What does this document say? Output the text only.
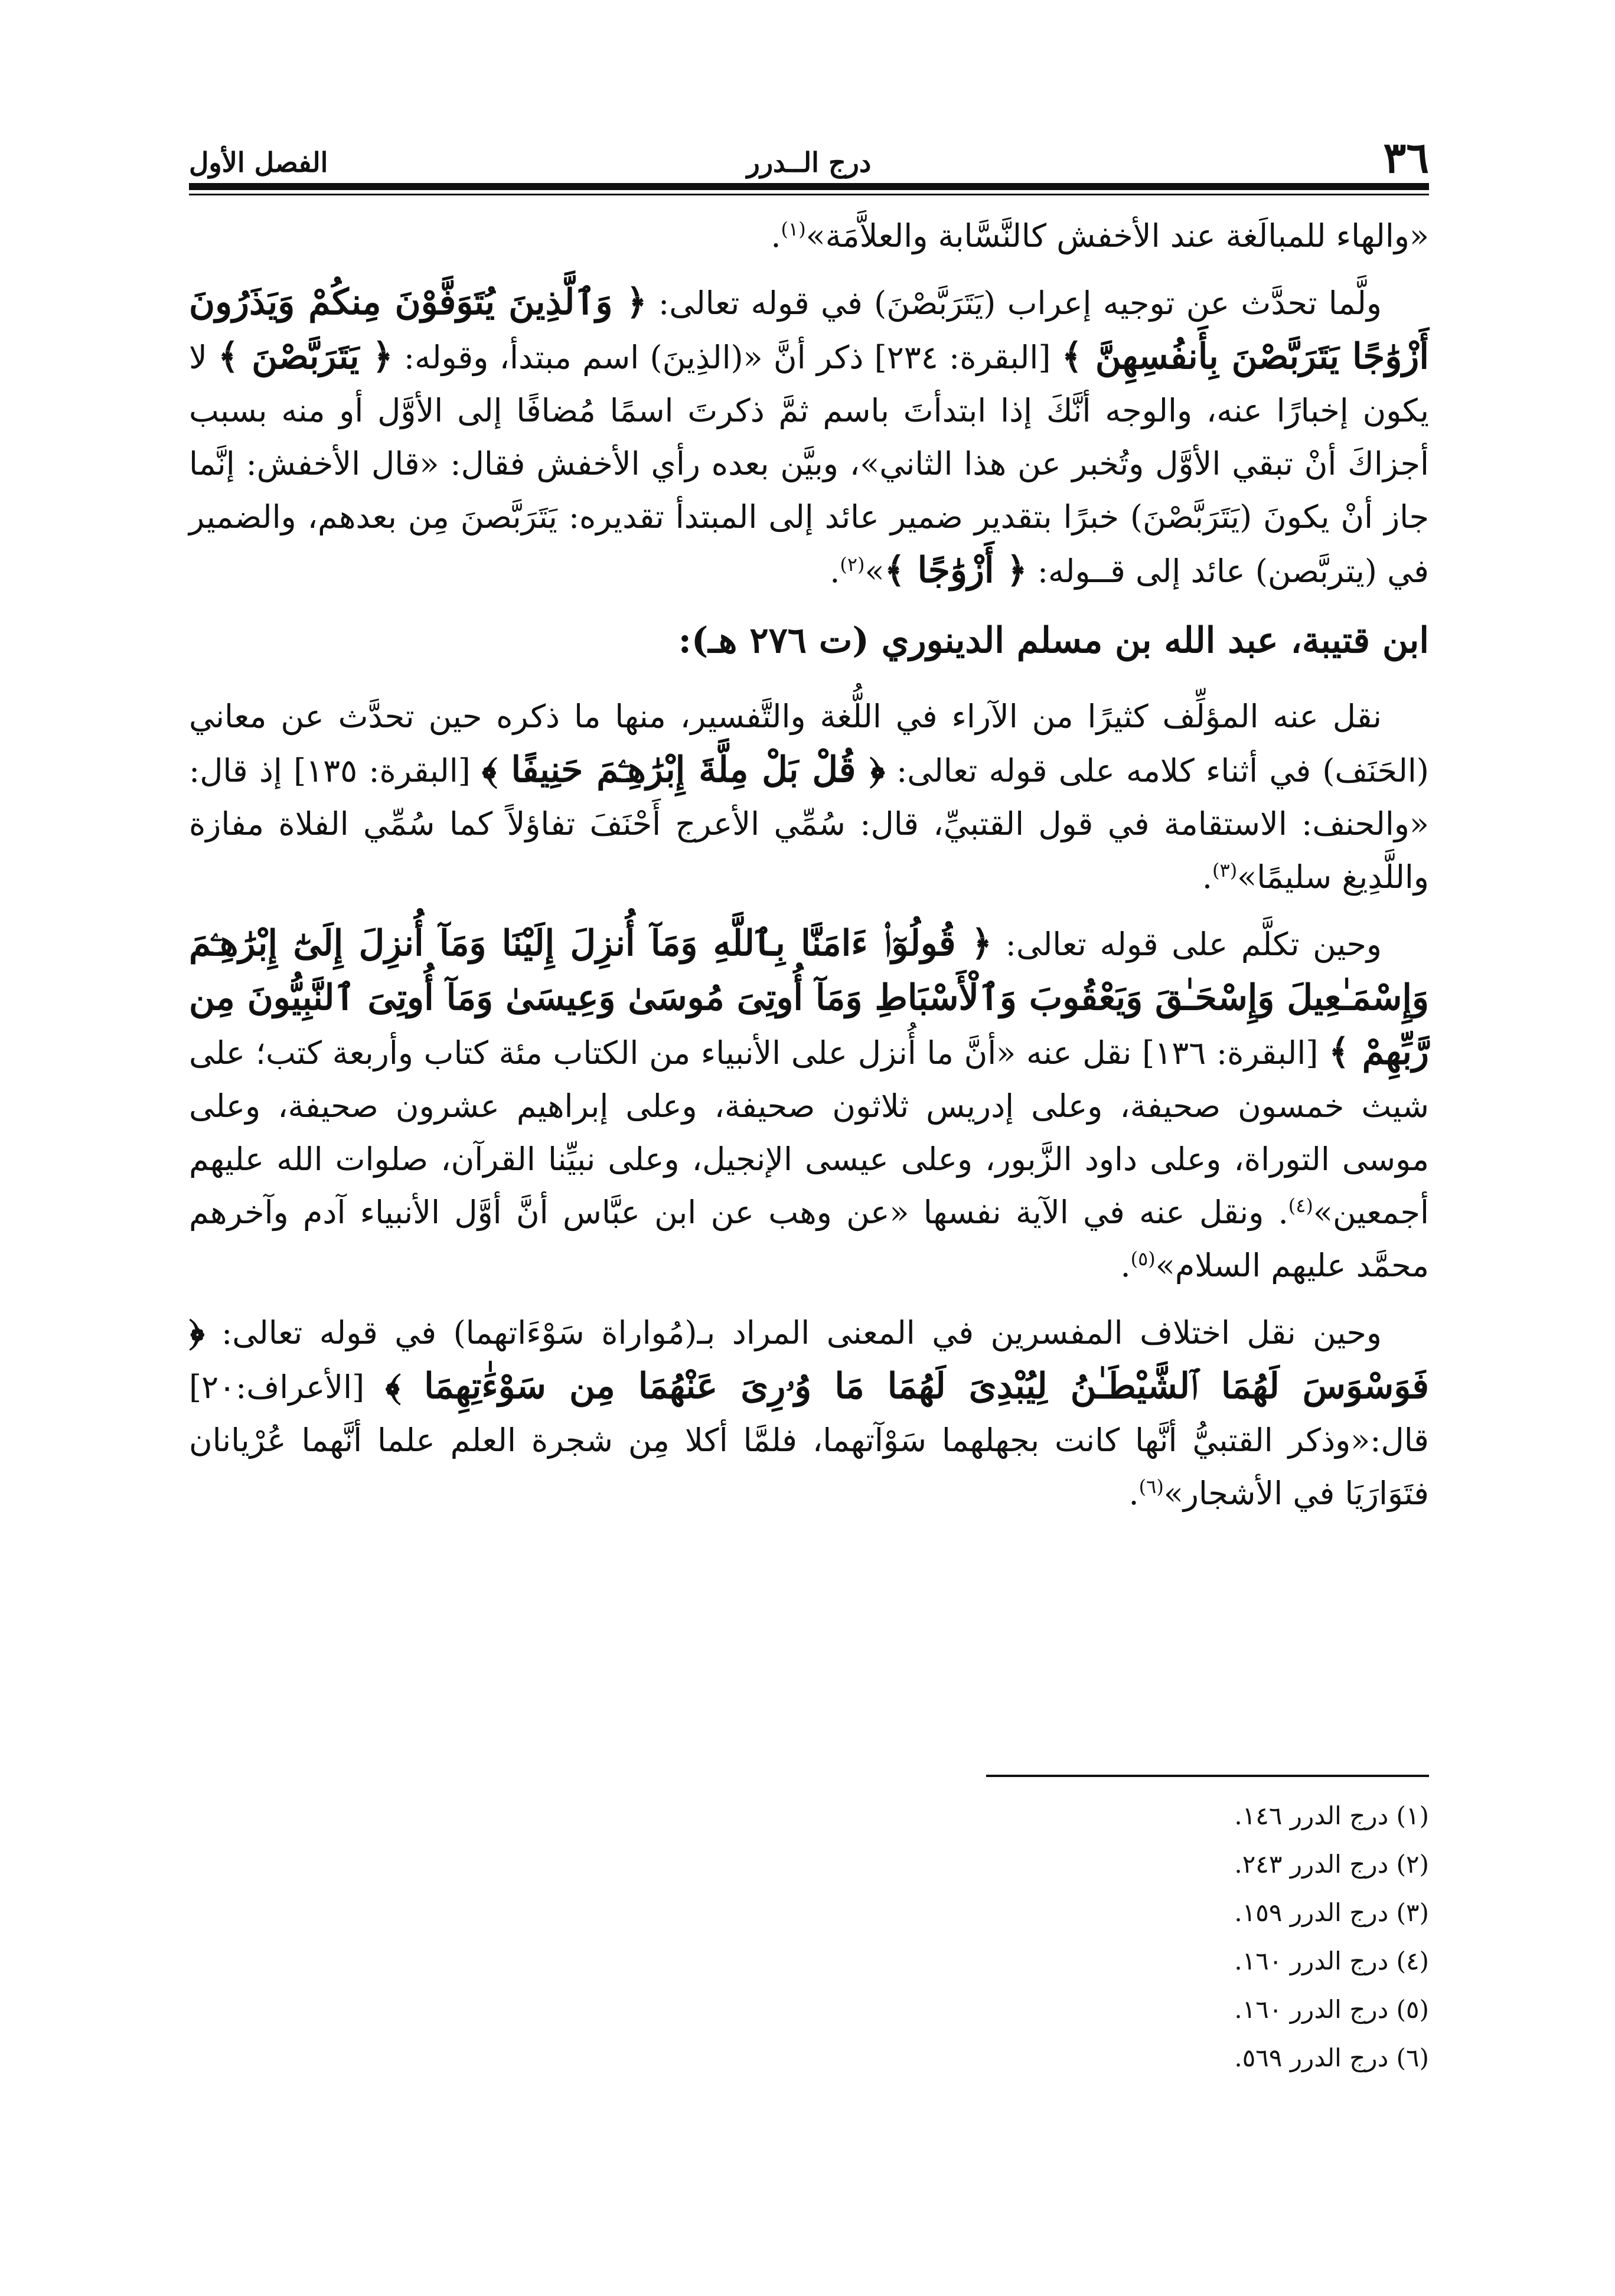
٣٦
درج الــدرر
الفصل الأول

«والهاء للمبالَغة عند الأخفش كالنَّسَّابة والعلاَّمَة»$^{(١)}$.

ولَّما تحدَّث عن توجيه إعراب (يَتَرَبَّصْنَ) في قوله تعالى: ﴿ وَٱلَّذِينَ يُتَوَفَّوْنَ مِنكُمْ وَيَذَرُونَ أَزْوَٰجًا يَتَرَبَّصْنَ بِأَنفُسِهِنَّ ﴾ [البقرة: ٢٣٤] ذكر أنَّ «(الذِينَ) اسم مبتدأ، وقوله: ﴿ يَتَرَبَّصْنَ ﴾ لا يكون إخبارًا عنه، والوجه أنَّكَ إذا ابتدأتَ باسم ثمَّ ذكرتَ اسمًا مُضافًا إلى الأوَّل أو منه بسبب أجزاكَ أنْ تبقي الأوَّل وتُخبر عن هذا الثاني»، وبيَّن بعده رأي الأخفش فقال: «قال الأخفش: إنَّما جاز أنْ يكونَ (يَتَرَبَّصْنَ) خبرًا بتقدير ضمير عائد إلى المبتدأ تقديره: يَتَرَبَّصنَ مِن بعدهم، والضمير في (يتربَّصن) عائد إلى قــوله: ﴿ أَزْوَٰجًا ﴾»$^{(٢)}$.

ابن قتيبة، عبد الله بن مسلم الدينوري (ت ٢٧٦ هـ):

نقل عنه المؤلِّف كثيرًا من الآراء في اللُّغة والتَّفسير، منها ما ذكره حين تحدَّث عن معاني (الحَنَف) في أثناء كلامه على قوله تعالى: ﴿ قُلْ بَلْ مِلَّةَ إِبْرَٰهِـۧمَ حَنِيفًا ﴾ [البقرة: ١٣٥] إذ قال: «والحنف: الاستقامة في قول القتبيِّ، قال: سُمِّي الأعرج أَحْنَفَ تفاؤلاً كما سُمِّي الفلاة مفازة واللَّدِيغ سليمًا»$^{(٣)}$.

وحين تكلَّم على قوله تعالى: ﴿ قُولُوٓا۟ ءَامَنَّا بِٱللَّهِ وَمَآ أُنزِلَ إِلَيْنَا وَمَآ أُنزِلَ إِلَىٰٓ إِبْرَٰهِـۧمَ وَإِسْمَـٰعِيلَ وَإِسْحَـٰقَ وَيَعْقُوبَ وَٱلْأَسْبَاطِ وَمَآ أُوتِىَ مُوسَىٰ وَعِيسَىٰ وَمَآ أُوتِىَ ٱلنَّبِيُّونَ مِن رَّبِّهِمْ ﴾ [البقرة: ١٣٦] نقل عنه «أنَّ ما أُنزل على الأنبياء من الكتاب مئة كتاب وأربعة كتب؛ على شيث خمسون صحيفة، وعلى إدريس ثلاثون صحيفة، وعلى إبراهيم عشرون صحيفة، وعلى موسى التوراة، وعلى داود الزَّبور، وعلى عيسى الإنجيل، وعلى نبيِّنا القرآن، صلوات الله عليهم أجمعين»$^{(٤)}$. ونقل عنه في الآية نفسها «عن وهب عن ابن عبَّاس أنَّ أوَّل الأنبياء آدم وآخرهم محمَّد عليهم السلام»$^{(٥)}$.

وحين نقل اختلاف المفسرين في المعنى المراد بـ(مُواراة سَوْءَاتهما) في قوله تعالى: ﴿ فَوَسْوَسَ لَهُمَا ٱلشَّيْطَـٰنُ لِيُبْدِىَ لَهُمَا مَا وُۥرِىَ عَنْهُمَا مِن سَوْءَٰتِهِمَا ﴾ [الأعراف:٢٠] قال:«وذكر القتبيُّ أنَّها كانت بجهلهما سَوْآتهما، فلمَّا أكلا مِن شجرة العلم علما أنَّهما عُرْيانان فتَوَارَيَا في الأشجار»$^{(٦)}$.

(١) درج الدرر ١٤٦.
(٢) درج الدرر ٢٤٣.
(٣) درج الدرر ١٥٩.
(٤) درج الدرر ١٦٠.
(٥) درج الدرر ١٦٠.
(٦) درج الدرر ٥٦٩.
